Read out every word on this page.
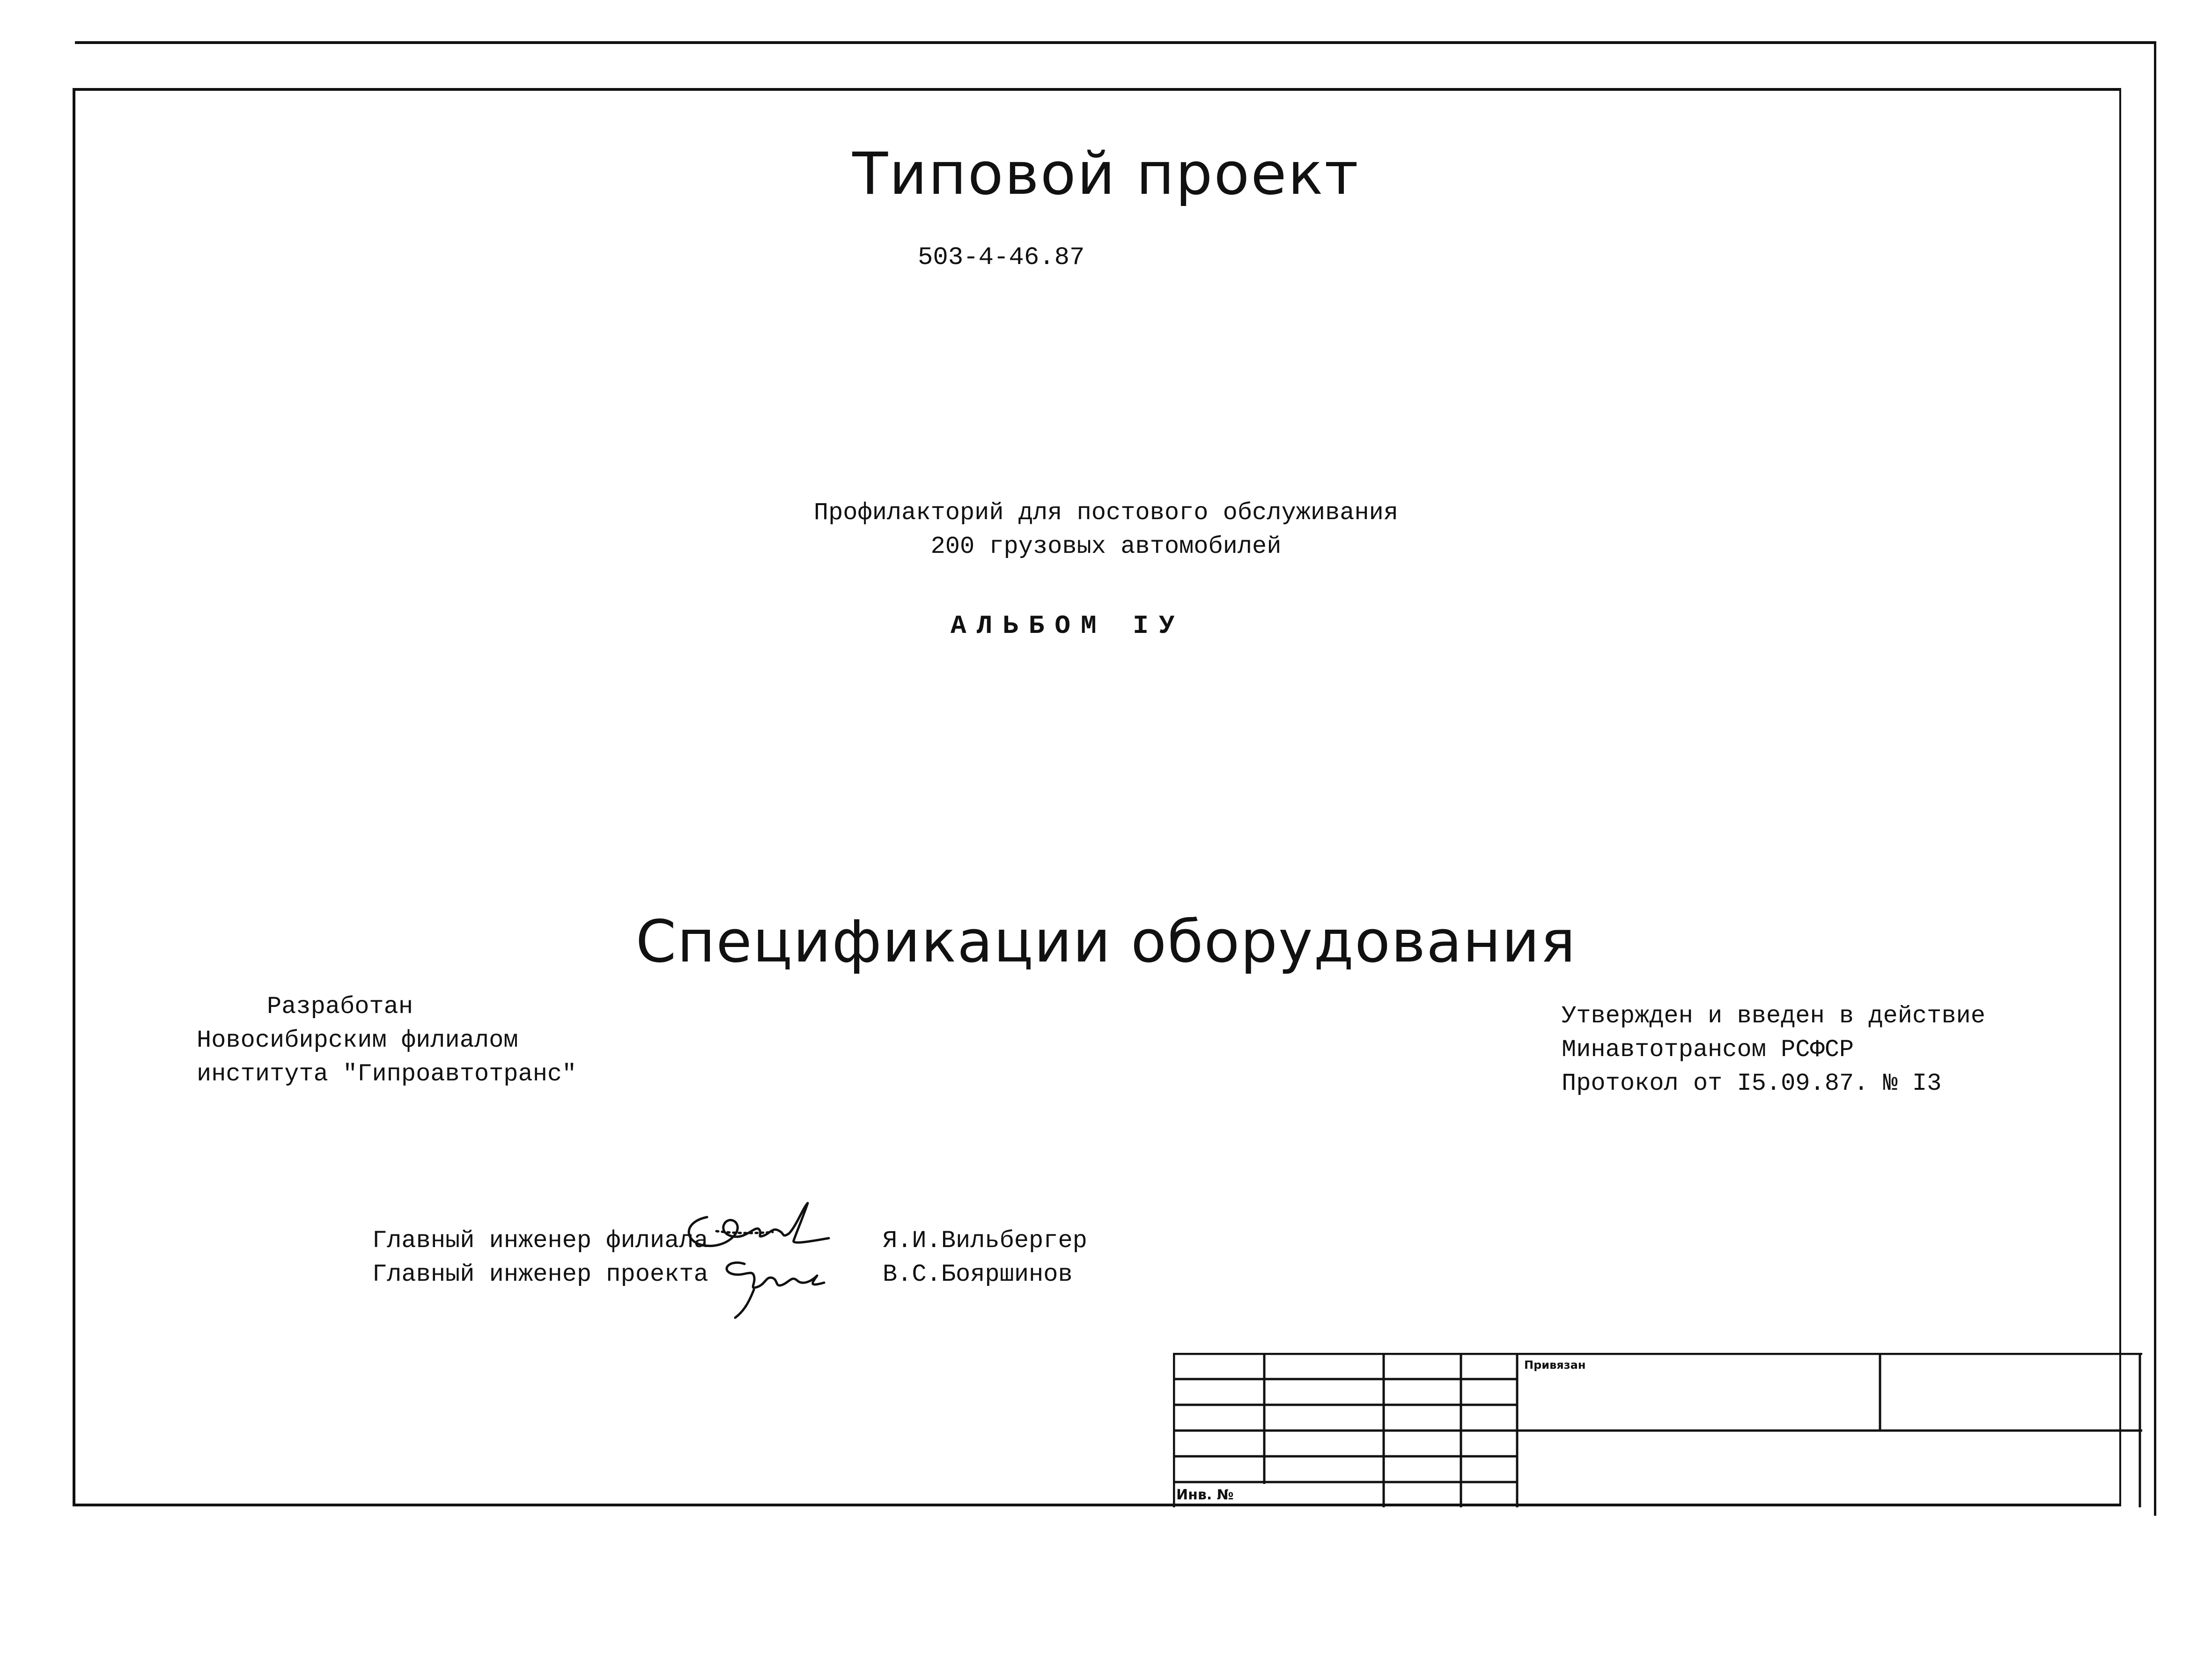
Типовой проект
503-4-46.87
Профилакторий для постового обслуживания
200 грузовых автомобилей
АЛЬБОМ IУ
Спецификации оборудования
Разработан
Новосибирским филиалом
института "Гипроавтотранс"
Утвержден и введен в действие
Минавтотрансом РСФСР
Протокол от I5.09.87. № I3
Главный инженер филиала
Главный инженер проекта
Я.И.Вильбергер
В.С.Бояршинов
Привязан
Инв. №
